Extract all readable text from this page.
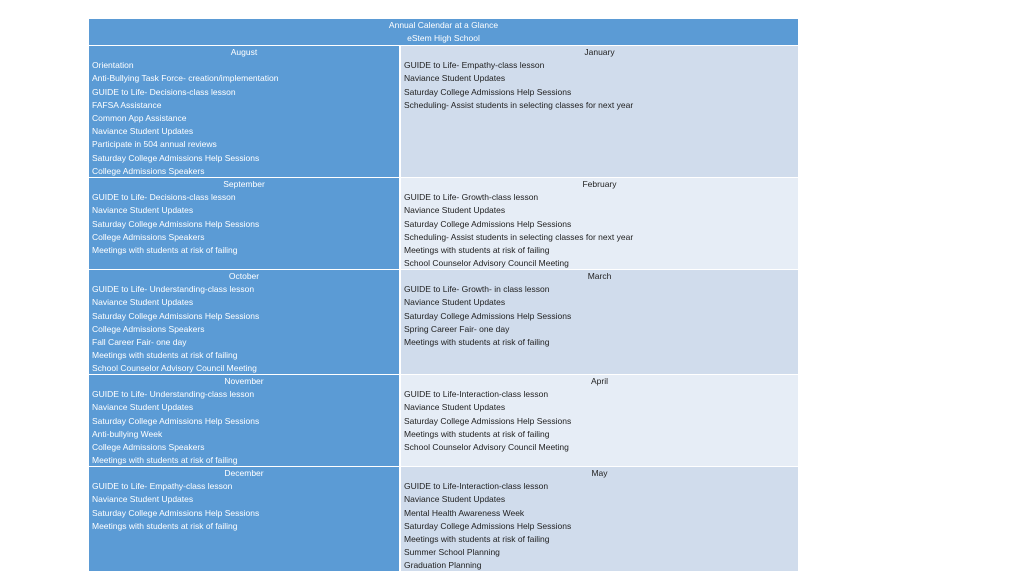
Annual Calendar at a Glance
eStem High School
August
Orientation
Anti-Bullying Task Force- creation/implementation
GUIDE to Life- Decisions-class lesson
FAFSA Assistance
Common App Assistance
Naviance Student Updates
Participate in 504 annual reviews
Saturday College Admissions Help Sessions
College Admissions Speakers
January
GUIDE to Life- Empathy-class lesson
Naviance Student Updates
Saturday College Admissions Help Sessions
Scheduling- Assist students in selecting classes for next year
September
GUIDE to Life- Decisions-class lesson
Naviance Student Updates
Saturday College Admissions Help Sessions
College Admissions Speakers
Meetings with students at risk of failing
February
GUIDE to Life- Growth-class lesson
Naviance Student Updates
Saturday College Admissions Help Sessions
Scheduling- Assist students in selecting classes for next year
Meetings with students at risk of failing
School Counselor Advisory Council Meeting
October
GUIDE to Life- Understanding-class lesson
Naviance Student Updates
Saturday College Admissions Help Sessions
College Admissions Speakers
Fall Career Fair- one day
Meetings with students at risk of failing
School Counselor Advisory Council Meeting
March
GUIDE to Life- Growth- in class lesson
Naviance Student Updates
Saturday College Admissions Help Sessions
Spring Career Fair- one day
Meetings with students at risk of failing
November
GUIDE to Life- Understanding-class lesson
Naviance Student Updates
Saturday College Admissions Help Sessions
Anti-bullying Week
College Admissions Speakers
Meetings with students at risk of failing
April
GUIDE to Life-Interaction-class lesson
Naviance Student Updates
Saturday College Admissions Help Sessions
Meetings with students at risk of failing
School Counselor Advisory Council Meeting
December
GUIDE to Life- Empathy-class lesson
Naviance Student Updates
Saturday College Admissions Help Sessions
Meetings with students at risk of failing
May
GUIDE to Life-Interaction-class lesson
Naviance Student Updates
Mental Health Awareness Week
Saturday College Admissions Help Sessions
Meetings with students at risk of failing
Summer School Planning
Graduation Planning
